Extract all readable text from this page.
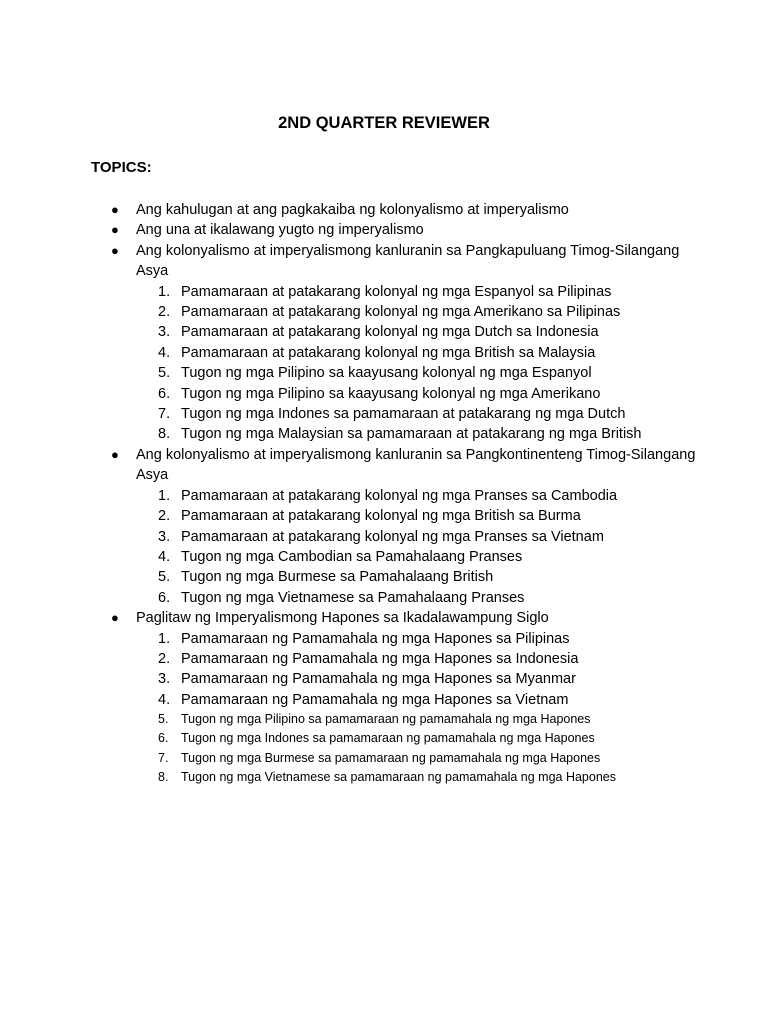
2ND QUARTER REVIEWER
TOPICS:
● Ang kahulugan at ang pagkakaiba ng kolonyalismo at imperyalismo
● Ang una at ikalawang yugto ng imperyalismo
● Ang kolonyalismo at imperyalismong kanluranin sa Pangkapuluang Timog-Silangang Asya
1. Pamamaraan at patakarang kolonyal ng mga Espanyol sa Pilipinas
2. Pamamaraan at patakarang kolonyal ng mga Amerikano sa Pilipinas
3. Pamamaraan at patakarang kolonyal ng mga Dutch sa Indonesia
4. Pamamaraan at patakarang kolonyal ng mga British sa Malaysia
5. Tugon ng mga Pilipino sa kaayusang kolonyal ng mga Espanyol
6. Tugon ng mga Pilipino sa kaayusang kolonyal ng mga Amerikano
7. Tugon ng mga Indones sa pamamaraan at patakarang ng mga Dutch
8. Tugon ng mga Malaysian sa pamamaraan at patakarang ng mga British
● Ang kolonyalismo at imperyalismong kanluranin sa Pangkontinenteng Timog-Silangang Asya
1. Pamamaraan at patakarang kolonyal ng mga Pranses sa Cambodia
2. Pamamaraan at patakarang kolonyal ng mga British sa Burma
3. Pamamaraan at patakarang kolonyal ng mga Pranses sa Vietnam
4. Tugon ng mga Cambodian sa Pamahalaang Pranses
5. Tugon ng mga Burmese sa Pamahalaang British
6. Tugon ng mga Vietnamese sa Pamahalaang Pranses
● Paglitaw ng Imperyalismong Hapones sa Ikadalawampung Siglo
1. Pamamaraan ng Pamamahala ng mga Hapones sa Pilipinas
2. Pamamaraan ng Pamamahala ng mga Hapones sa Indonesia
3. Pamamaraan ng Pamamahala ng mga Hapones sa Myanmar
4. Pamamaraan ng Pamamahala ng mga Hapones sa Vietnam
5. Tugon ng mga Pilipino sa pamamaraan ng pamamahala ng mga Hapones
6. Tugon ng mga Indones sa pamamaraan ng pamamahala ng mga Hapones
7. Tugon ng mga Burmese sa pamamaraan ng pamamahala ng mga Hapones
8. Tugon ng mga Vietnamese sa pamamaraan ng pamamahala ng mga Hapones
